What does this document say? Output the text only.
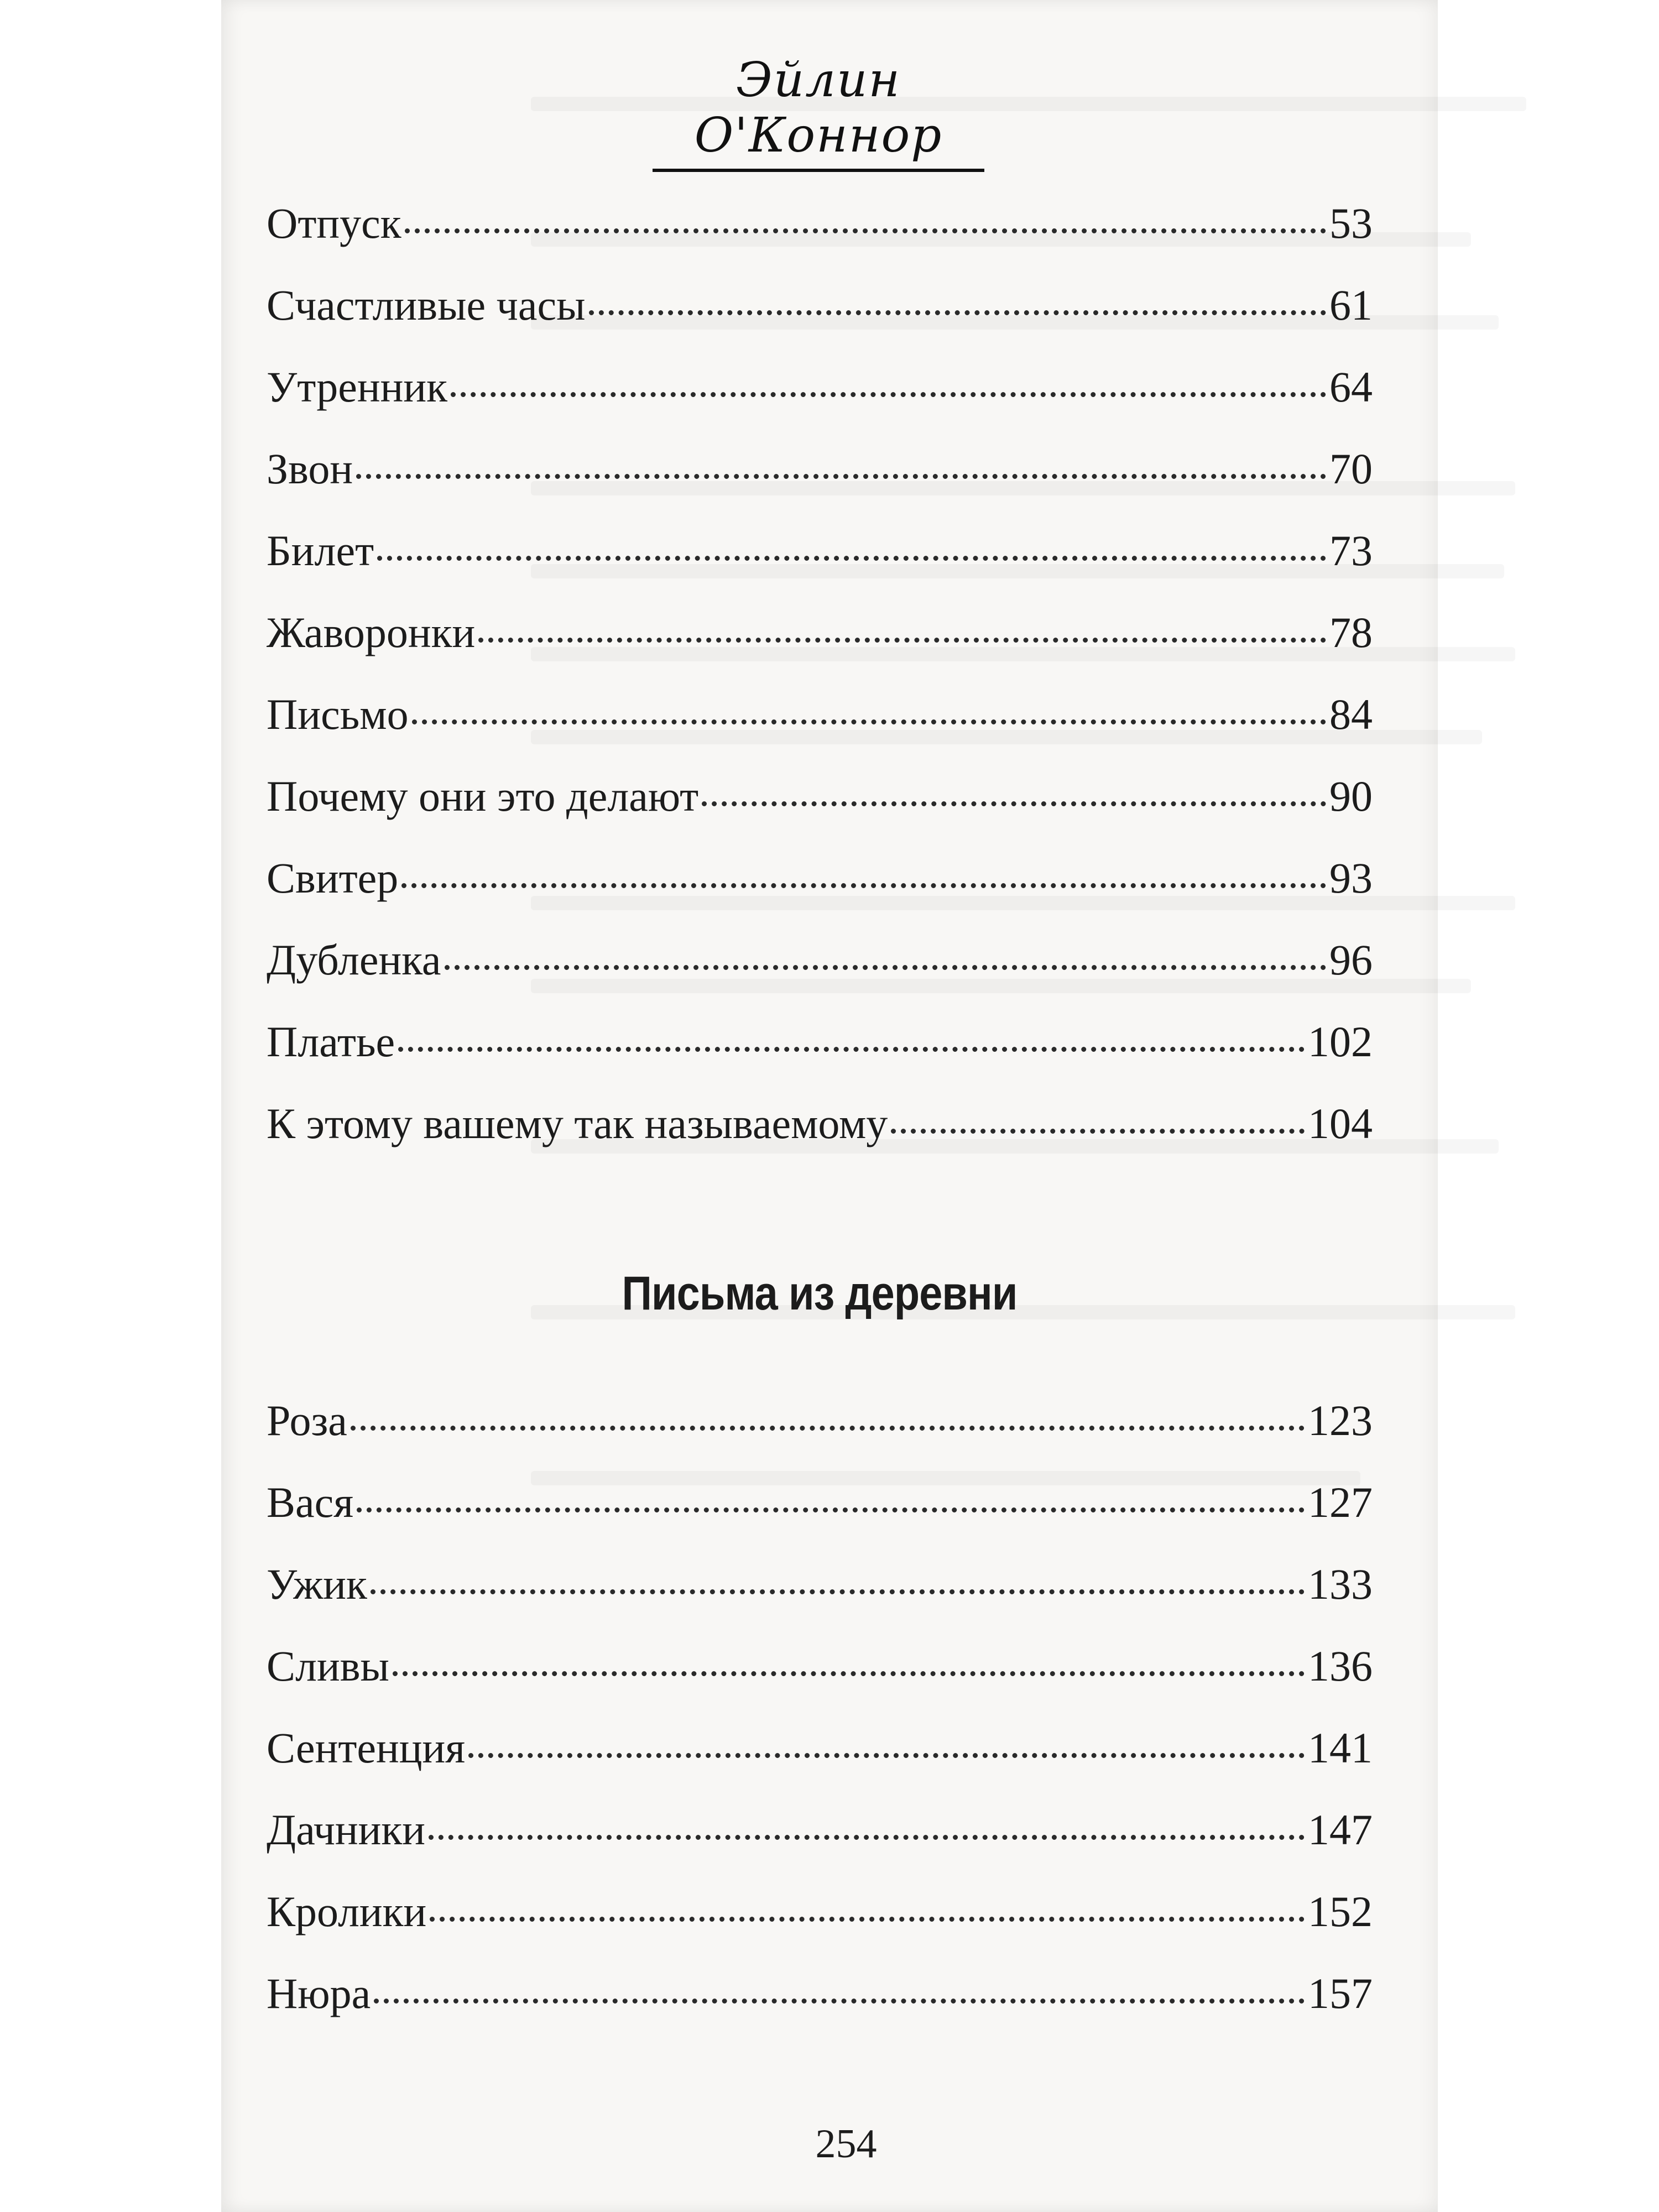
Эйлин О'Коннор
Отпуск	53
Счастливые часы	61
Утренник	64
Звон	70
Билет	73
Жаворонки	78
Письмо	84
Почему они это делают	90
Свитер	93
Дубленка	96
Платье	102
К этому вашему так называемому	104
Письма из деревни
Роза	123
Вася	127
Ужик	133
Сливы	136
Сентенция	141
Дачники	147
Кролики	152
Нюра	157
254
